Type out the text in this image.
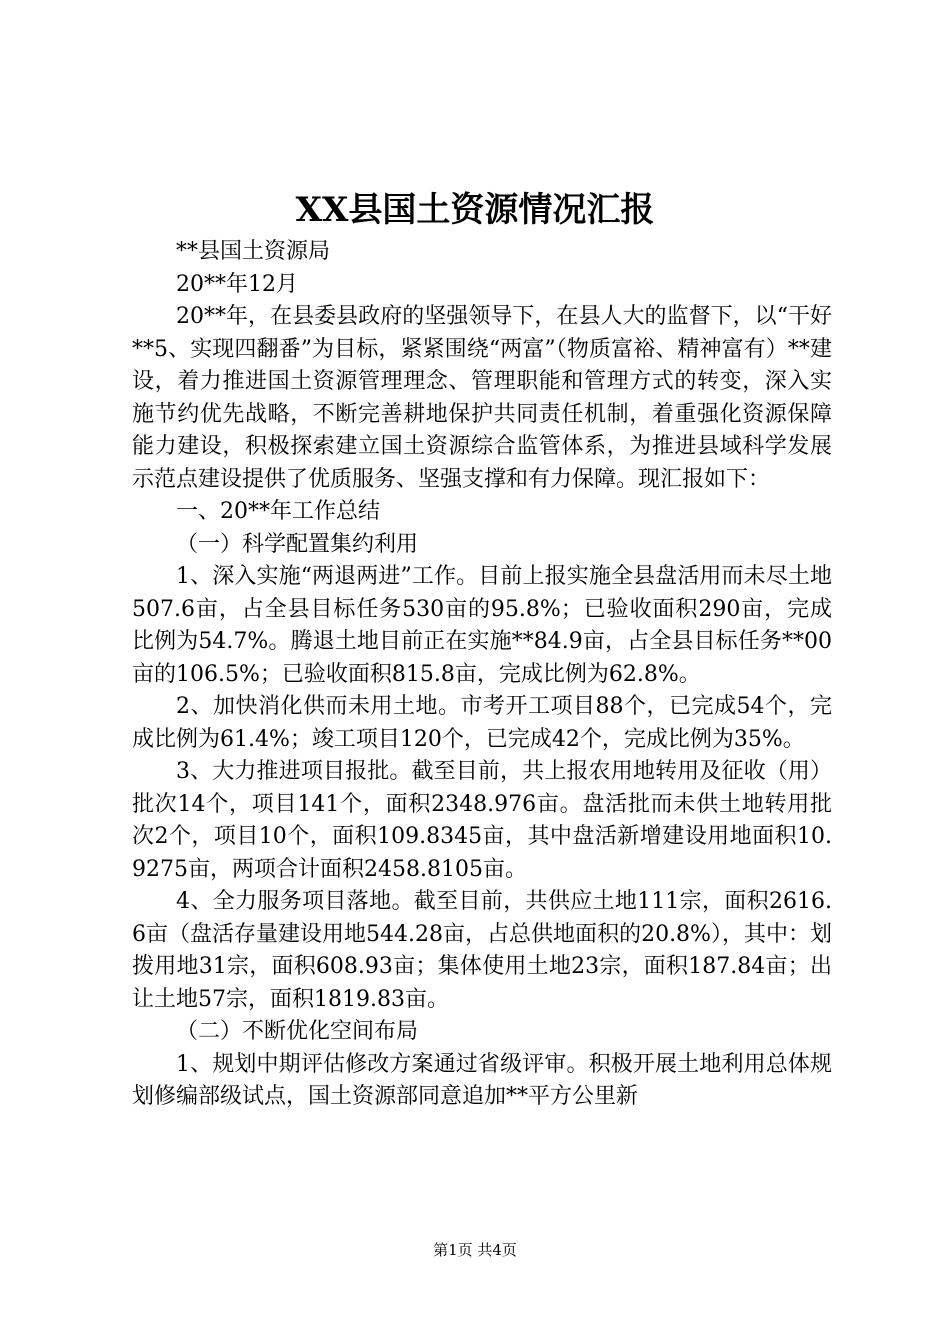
XX县国土资源情况汇报

**县国土资源局

20**年12月

20**年，在县委县政府的坚强领导下，在县人大的监督下，以“干好**5、实现四翻番”为目标，紧紧围绕“两富”（物质富裕、精神富有）**建设，着力推进国土资源管理理念、管理职能和管理方式的转变，深入实施节约优先战略，不断完善耕地保护共同责任机制，着重强化资源保障能力建设，积极探索建立国土资源综合监管体系，为推进县域科学发展示范点建设提供了优质服务、坚强支撑和有力保障。现汇报如下：

一、20**年工作总结

（一）科学配置集约利用

1、深入实施“两退两进”工作。目前上报实施全县盘活用而未尽土地507.6亩，占全县目标任务530亩的95.8%；已验收面积290亩，完成比例为54.7%。腾退土地目前正在实施**84.9亩，占全县目标任务**00亩的106.5%；已验收面积815.8亩，完成比例为62.8%。

2、加快消化供而未用土地。市考开工项目88个，已完成54个，完成比例为61.4%；竣工项目120个，已完成42个，完成比例为35%。

3、大力推进项目报批。截至目前，共上报农用地转用及征收（用）批次14个，项目141个，面积2348.976亩。盘活批而未供土地转用批次2个，项目10个，面积109.8345亩，其中盘活新增建设用地面积10.9275亩，两项合计面积2458.8105亩。

4、全力服务项目落地。截至目前，共供应土地111宗，面积2616.6亩（盘活存量建设用地544.28亩，占总供地面积的20.8%），其中：划拨用地31宗，面积608.93亩；集体使用土地23宗，面积187.84亩；出让土地57宗，面积1819.83亩。

（二）不断优化空间布局

1、规划中期评估修改方案通过省级评审。积极开展土地利用总体规划修编部级试点，国土资源部同意追加**平方公里新

第1页 共4页
